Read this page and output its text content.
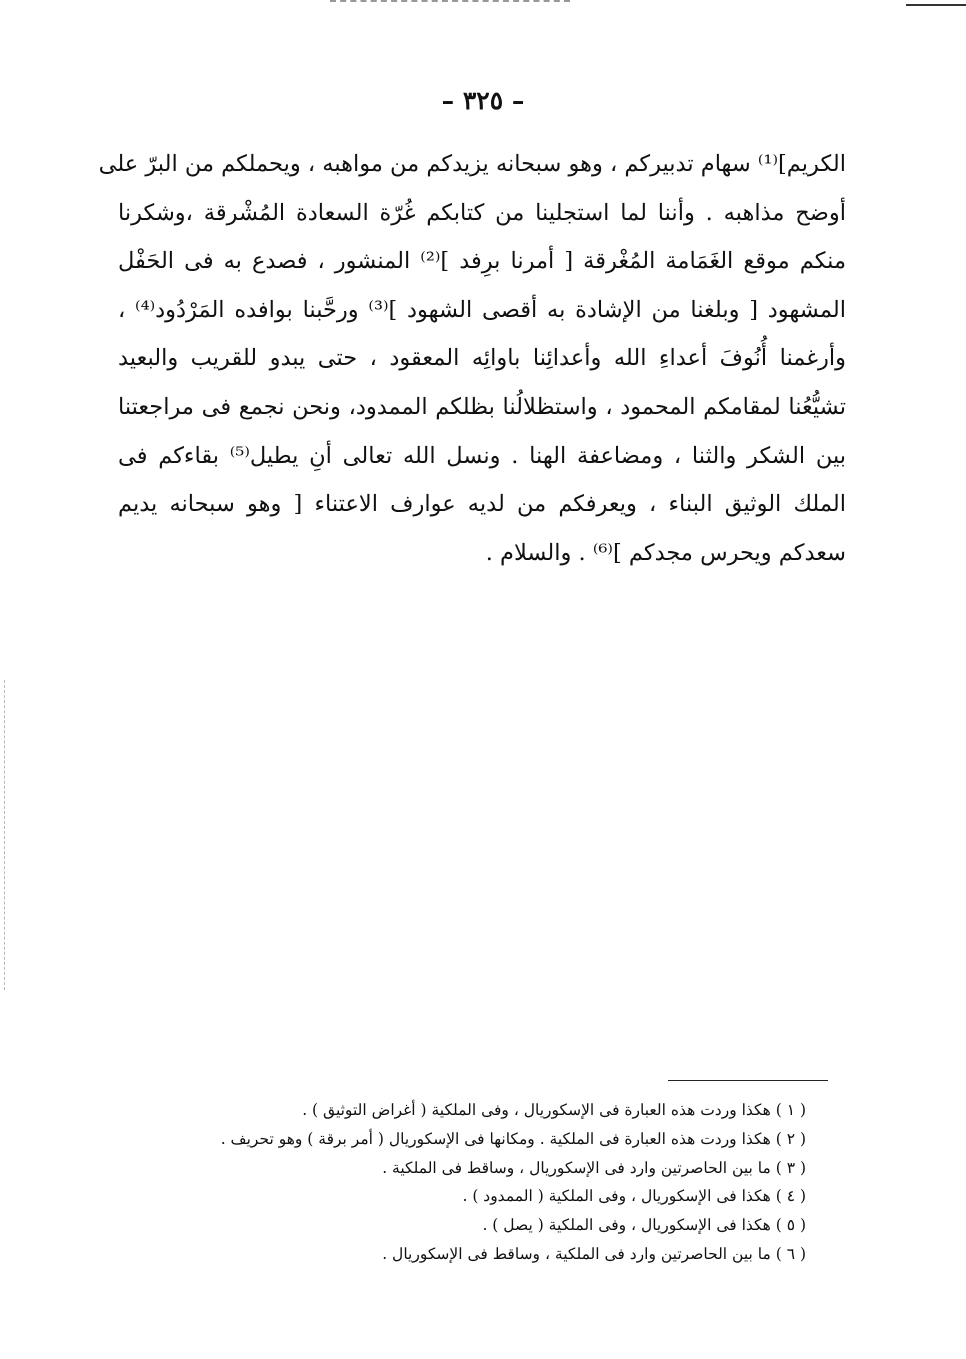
– ٣٢٥ –
الكريم]⁽¹⁾ سهام تدبيركم ، وهو سبحانه يزيدكم من مواهبه ، ويحملكم من البرّ على
أوضح مذاهبه . وأننا لما استجلينا من كتابكم غُرّة السعادة المُشْرقة ،وشكرنا
منكم موقع الغَمَامة المُغْرقة [ أمرنا برِفد ]⁽²⁾ المنشور ، فصدع به فى الحَفْل
المشهود [ وبلغنا من الإشادة به أقصى الشهود ]⁽³⁾ ورحَّبنا بوافده المَرْدُود⁽⁴⁾ ،
وأرغمنا أُنُوفَ أعداءِ الله وأعدائِنا باوائِه المعقود ، حتى يبدو للقريب والبعيد
تشيُّعُنا لمقامكم المحمود ، واستظلالُنا بظلكم الممدود، ونحن نجمع فى مراجعتنا
بين الشكر والثنا ، ومضاعفة الهنا . ونسل الله تعالى أنِ يطيل⁽⁵⁾ بقاءكم فى
الملك الوثيق البناء ، ويعرفكم من لديه عوارف الاعتناء [ وهو سبحانه يديم
سعدكم ويحرس مجدكم ]⁽⁶⁾ . والسلام .
( ١ ) هكذا وردت هذه العبارة فى الإسكوريال ، وفى الملكية ( أغراض التوثيق ) .
( ٢ ) هكذا وردت هذه العبارة فى الملكية . ومكانها فى الإسكوريال ( أمر برقة ) وهو تحريف .
( ٣ ) ما بين الحاصرتين وارد فى الإسكوريال ، وساقط فى الملكية .
( ٤ ) هكذا فى الإسكوريال ، وفى الملكية ( الممدود ) .
( ٥ ) هكذا فى الإسكوريال ، وفى الملكية ( يصل ) .
( ٦ ) ما بين الحاصرتين وارد فى الملكية ، وساقط فى الإسكوريال .
